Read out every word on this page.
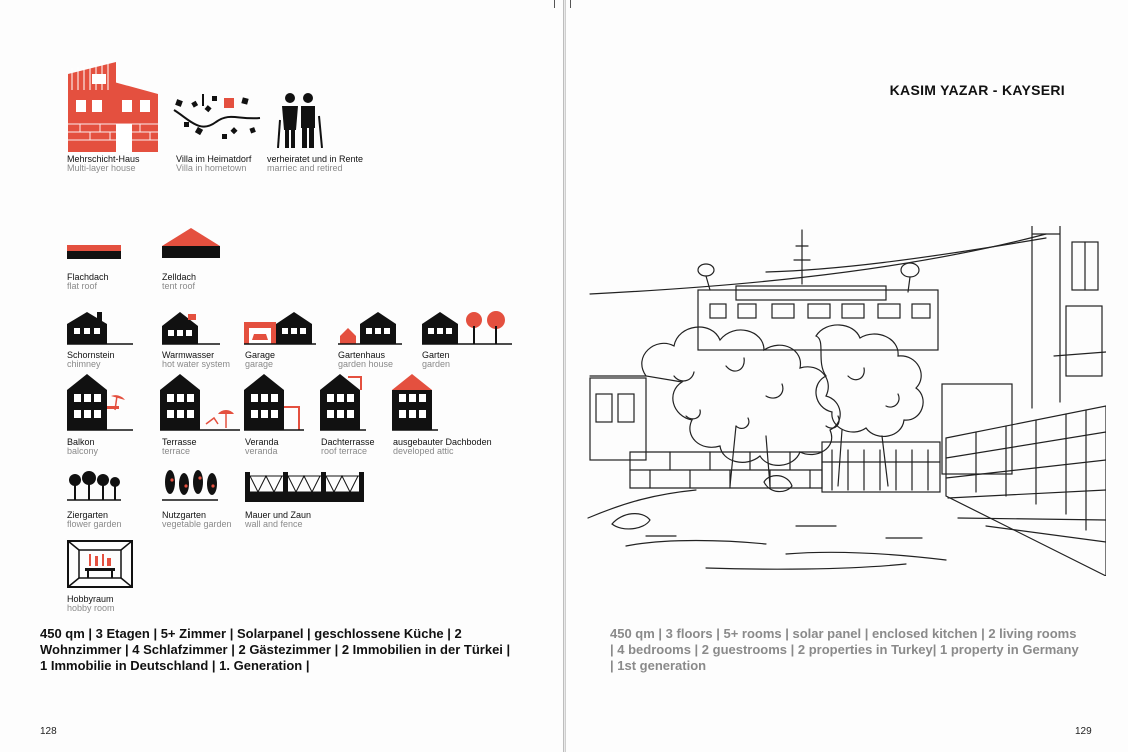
Mehrschicht-Haus
Multi-layer house
Villa im Heimatdorf
Villa in hometown
verheiratet und in Rente
marriec and retired
Flachdach
flat roof
Zelldach
tent roof
Schornstein
chimney
Warmwasser
hot water system
Garage
garage
Gartenhaus
garden house
Garten
garden
Balkon
balcony
Terrasse
terrace
Veranda
veranda
Dachterrasse
roof terrace
ausgebauter Dachboden
developed attic
Ziergarten
flower garden
Nutzgarten
vegetable garden
Mauer und Zaun
wall and fence
Hobbyraum
hobby room

450 qm | 3 Etagen | 5+ Zimmer | Solarpanel | geschlossene Küche | 2 Wohnzimmer | 4 Schlafzimmer | 2 Gästezimmer | 2 Immobilien in der Türkei | 1 Immobilie in Deutschland | 1. Generation |

128
KASIM YAZAR - KAYSERI

450 qm | 3 floors | 5+ rooms | solar panel | enclosed kitchen | 2 living rooms | 4 bedrooms | 2 guestrooms | 2 properties in Turkey| 1 property in Germany | 1st generation

129
